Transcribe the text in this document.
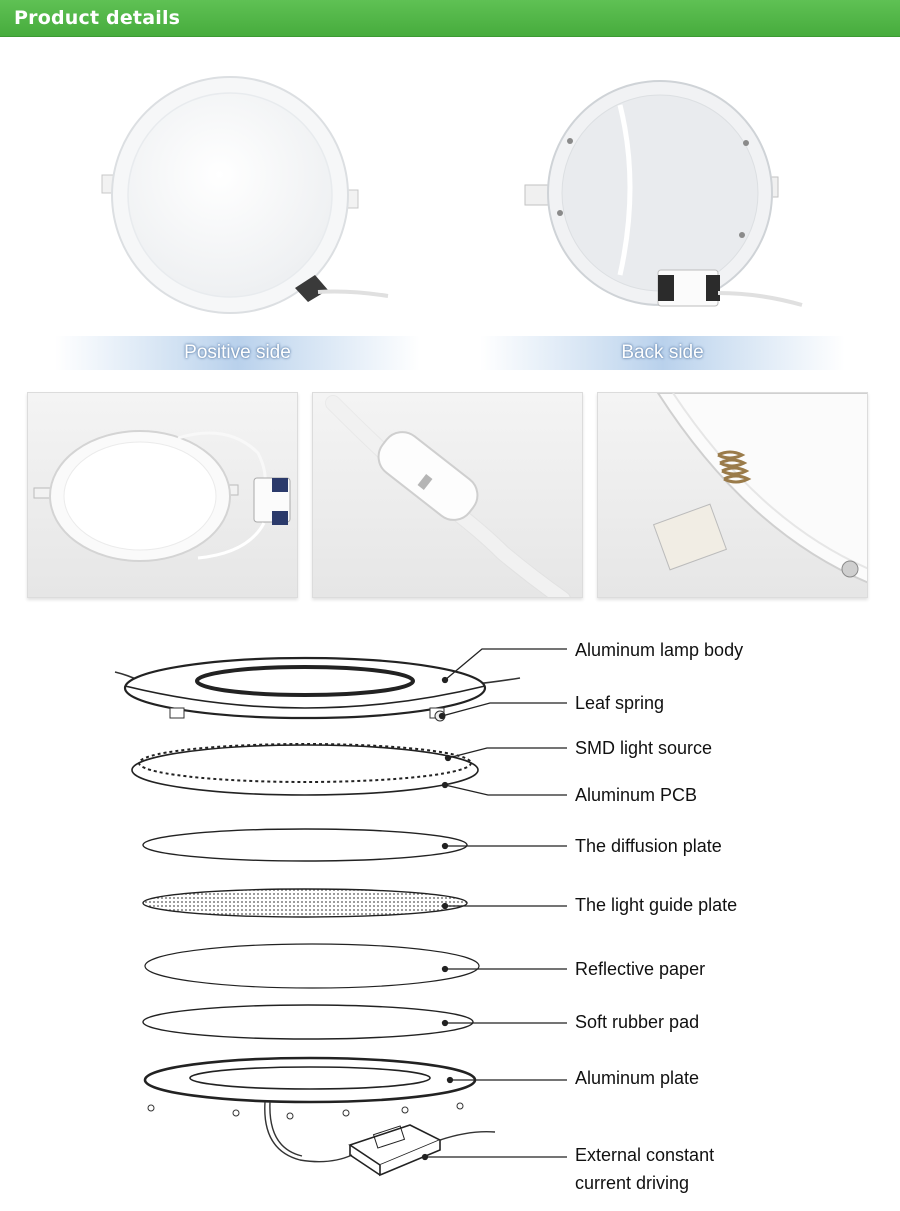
Product details
Positive side	Back side
Aluminum lamp body
Leaf spring
SMD light source
Aluminum PCB
The diffusion plate
The light guide plate
Reflective paper
Soft rubber pad
Aluminum plate
External constant
current driving
